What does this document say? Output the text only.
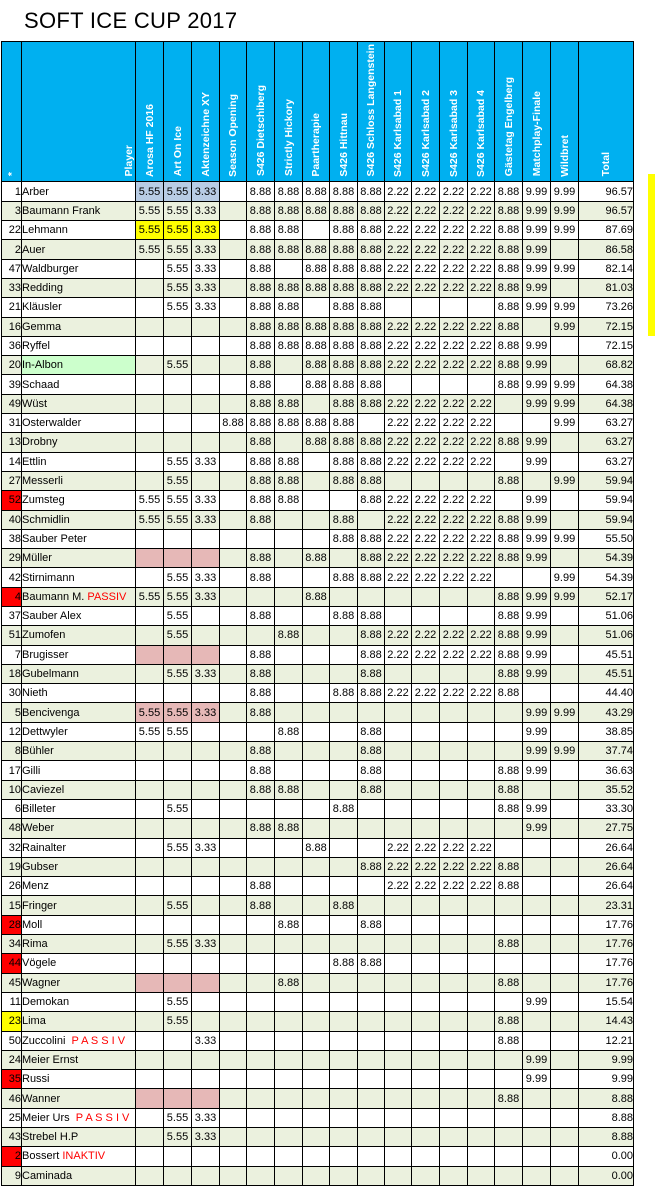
SOFT ICE CUP 2017
*	Player	Arosa HF 2016	Art On Ice	Aktenzeichne XY	Season Opening	S426 Dietschiberg	Strictly Hickory	Paartherapie	S426 Hittnau	S426 Schloss Langenstein	S426 Karlsabad 1	S426 Karlsabad 2	S426 Karlsabad 3	S426 Karlsabad 4	Gästetag Engelberg	Matchplay-Finale	Wildbret	Total
1	Arber	5.55	5.55	3.33		8.88	8.88	8.88	8.88	8.88	2.22	2.22	2.22	2.22	8.88	9.99	9.99	96.57
3	Baumann Frank	5.55	5.55	3.33		8.88	8.88	8.88	8.88	8.88	2.22	2.22	2.22	2.22	8.88	9.99	9.99	96.57
22	Lehmann	5.55	5.55	3.33		8.88	8.88		8.88	8.88	2.22	2.22	2.22	2.22	8.88	9.99	9.99	87.69
2	Auer	5.55	5.55	3.33		8.88	8.88	8.88	8.88	8.88	2.22	2.22	2.22	2.22	8.88	9.99		86.58
47	Waldburger		5.55	3.33		8.88		8.88	8.88	8.88	2.22	2.22	2.22	2.22	8.88	9.99	9.99	82.14
33	Redding		5.55	3.33		8.88	8.88	8.88	8.88	8.88	2.22	2.22	2.22	2.22	8.88	9.99		81.03
21	Kläusler		5.55	3.33		8.88	8.88		8.88	8.88					8.88	9.99	9.99	73.26
16	Gemma					8.88	8.88	8.88	8.88	8.88	2.22	2.22	2.22	2.22	8.88		9.99	72.15
36	Ryffel					8.88	8.88	8.88	8.88	8.88	2.22	2.22	2.22	2.22	8.88	9.99		72.15
20	In-Albon		5.55			8.88		8.88	8.88	8.88	2.22	2.22	2.22	2.22	8.88	9.99		68.82
39	Schaad					8.88		8.88	8.88	8.88					8.88	9.99	9.99	64.38
49	Wüst					8.88	8.88		8.88	8.88	2.22	2.22	2.22	2.22		9.99	9.99	64.38
31	Osterwalder				8.88	8.88	8.88	8.88	8.88		2.22	2.22	2.22	2.22			9.99	63.27
13	Drobny					8.88		8.88	8.88	8.88	2.22	2.22	2.22	2.22	8.88	9.99		63.27
14	Ettlin		5.55	3.33		8.88	8.88		8.88	8.88	2.22	2.22	2.22	2.22		9.99		63.27
27	Messerli		5.55			8.88	8.88		8.88	8.88					8.88		9.99	59.94
52	Zumsteg	5.55	5.55	3.33		8.88	8.88			8.88	2.22	2.22	2.22	2.22		9.99		59.94
40	Schmidlin	5.55	5.55	3.33		8.88			8.88		2.22	2.22	2.22	2.22	8.88	9.99		59.94
38	Sauber Peter								8.88	8.88	2.22	2.22	2.22	2.22	8.88	9.99	9.99	55.50
29	Müller					8.88		8.88		8.88	2.22	2.22	2.22	2.22	8.88	9.99		54.39
42	Stirnimann		5.55	3.33		8.88			8.88	8.88	2.22	2.22	2.22	2.22			9.99	54.39
4	Baumann M. PASSIV	5.55	5.55	3.33				8.88							8.88	9.99	9.99	52.17
37	Sauber Alex		5.55			8.88			8.88	8.88					8.88	9.99		51.06
51	Zumofen		5.55				8.88			8.88	2.22	2.22	2.22	2.22	8.88	9.99		51.06
7	Brugisser					8.88				8.88	2.22	2.22	2.22	2.22	8.88	9.99		45.51
18	Gubelmann		5.55	3.33		8.88				8.88					8.88	9.99		45.51
30	Nieth					8.88			8.88	8.88	2.22	2.22	2.22	2.22	8.88			44.40
5	Bencivenga	5.55	5.55	3.33		8.88										9.99	9.99	43.29
12	Dettwyler	5.55	5.55				8.88			8.88						9.99		38.85
8	Bühler					8.88				8.88						9.99	9.99	37.74
17	Gilli					8.88				8.88					8.88	9.99		36.63
10	Caviezel					8.88	8.88			8.88					8.88			35.52
6	Billeter		5.55						8.88						8.88	9.99		33.30
48	Weber					8.88	8.88									9.99		27.75
32	Rainalter		5.55	3.33				8.88			2.22	2.22	2.22	2.22				26.64
19	Gubser									8.88	2.22	2.22	2.22	2.22	8.88			26.64
26	Menz					8.88					2.22	2.22	2.22	2.22	8.88			26.64
15	Fringer		5.55			8.88			8.88									23.31
28	Moll						8.88			8.88								17.76
34	Rima		5.55	3.33											8.88			17.76
44	Vögele								8.88	8.88								17.76
45	Wagner						8.88								8.88			17.76
11	Demokan		5.55													9.99		15.54
23	Lima		5.55												8.88			14.43
50	Zuccolini  P A S S I V			3.33											8.88			12.21
24	Meier Ernst															9.99		9.99
35	Russi															9.99		9.99
46	Wanner														8.88			8.88
25	Meier Urs  P A S S I V		5.55	3.33														8.88
43	Strebel H.P		5.55	3.33														8.88
2	Bossert INAKTIV																	0.00
9	Caminada																	0.00
